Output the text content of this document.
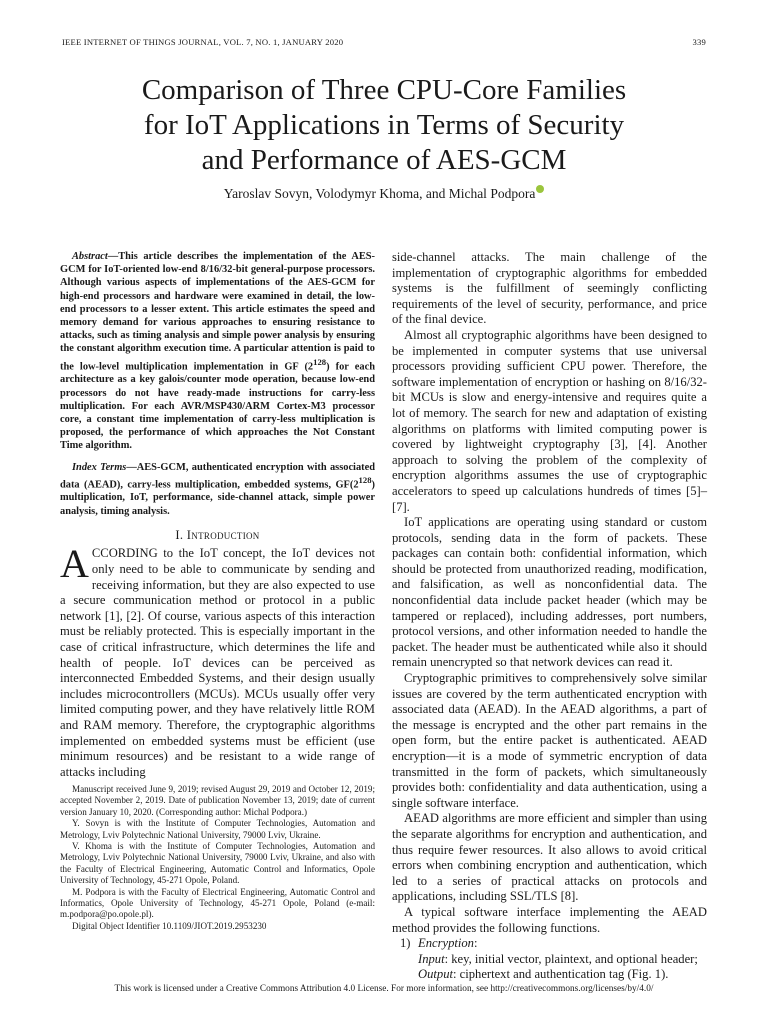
IEEE INTERNET OF THINGS JOURNAL, VOL. 7, NO. 1, JANUARY 2020	339
Comparison of Three CPU-Core Families
for IoT Applications in Terms of Security
and Performance of AES-GCM
Yaroslav Sovyn, Volodymyr Khoma, and Michal Podpora

Abstract—This article describes the implementation of the AES-GCM for IoT-oriented low-end 8/16/32-bit general-purpose processors. Although various aspects of implementations of the AES-GCM for high-end processors and hardware were examined in detail, the low-end processors to a lesser extent. This article estimates the speed and memory demand for various approaches to ensuring resistance to attacks, such as timing analysis and simple power analysis by ensuring the constant algorithm execution time. A particular attention is paid to the low-level multiplication implementation in GF $(2^{128})$ for each architecture as a key galois/counter mode operation, because low-end processors do not have ready-made instructions for carry-less multiplication. For each AVR/MSP430/ARM Cortex-M3 processor core, a constant time implementation of carry-less multiplication is proposed, the performance of which approaches the Not Constant Time algorithm.

Index Terms—AES-GCM, authenticated encryption with associated data (AEAD), carry-less multiplication, embedded systems, $GF(2^{128})$ multiplication, IoT, performance, side-channel attack, simple power analysis, timing analysis.

I. Introduction

ACCORDING to the IoT concept, the IoT devices not only need to be able to communicate by sending and receiving information, but they are also expected to use a secure communication method or protocol in a public network [1], [2]. Of course, various aspects of this interaction must be reliably protected. This is especially important in the case of critical infrastructure, which determines the life and health of people. IoT devices can be perceived as interconnected Embedded Systems, and their design usually includes microcontrollers (MCUs). MCUs usually offer very limited computing power, and they have relatively little ROM and RAM memory. Therefore, the cryptographic algorithms implemented on embedded systems must be efficient (use minimum resources) and be resistant to a wide range of attacks including

Manuscript received June 9, 2019; revised August 29, 2019 and October 12, 2019; accepted November 2, 2019. Date of publication November 13, 2019; date of current version January 10, 2020. (Corresponding author: Michal Podpora.)

Y. Sovyn is with the Institute of Computer Technologies, Automation and Metrology, Lviv Polytechnic National University, 79000 Lviv, Ukraine.

V. Khoma is with the Institute of Computer Technologies, Automation and Metrology, Lviv Polytechnic National University, 79000 Lviv, Ukraine, and also with the Faculty of Electrical Engineering, Automatic Control and Informatics, Opole University of Technology, 45-271 Opole, Poland.

M. Podpora is with the Faculty of Electrical Engineering, Automatic Control and Informatics, Opole University of Technology, 45-271 Opole, Poland (e-mail: m.podpora@po.opole.pl).

Digital Object Identifier 10.1109/JIOT.2019.2953230

side-channel attacks. The main challenge of the implementation of cryptographic algorithms for embedded systems is the fulfillment of seemingly conflicting requirements of the level of security, performance, and price of the final device.

Almost all cryptographic algorithms have been designed to be implemented in computer systems that use universal processors providing sufficient CPU power. Therefore, the software implementation of encryption or hashing on 8/16/32-bit MCUs is slow and energy-intensive and requires quite a lot of memory. The search for new and adaptation of existing algorithms on platforms with limited computing power is covered by lightweight cryptography [3], [4]. Another approach to solving the problem of the complexity of encryption algorithms assumes the use of cryptographic accelerators to speed up calculations hundreds of times [5]–[7].

IoT applications are operating using standard or custom protocols, sending data in the form of packets. These packages can contain both: confidential information, which should be protected from unauthorized reading, modification, and falsification, as well as nonconfidential data. The nonconfidential data include packet header (which may be tampered or replaced), including addresses, port numbers, protocol versions, and other information needed to handle the packet. The header must be authenticated while also it should remain unencrypted so that network devices can read it.

Cryptographic primitives to comprehensively solve similar issues are covered by the term authenticated encryption with associated data (AEAD). In the AEAD algorithms, a part of the message is encrypted and the other part remains in the open form, but the entire packet is authenticated. AEAD encryption—it is a mode of symmetric encryption of data transmitted in the form of packets, which simultaneously provides both: confidentiality and data authentication, using a single software interface.

AEAD algorithms are more efficient and simpler than using the separate algorithms for encryption and authentication, and thus require fewer resources. It also allows to avoid critical errors when combining encryption and authentication, which led to a series of practical attacks on protocols and applications, including SSL/TLS [8].

A typical software interface implementing the AEAD method provides the following functions.

1) Encryption:
Input: key, initial vector, plaintext, and optional header;
Output: ciphertext and authentication tag (Fig. 1).
This work is licensed under a Creative Commons Attribution 4.0 License. For more information, see http://creativecommons.org/licenses/by/4.0/
